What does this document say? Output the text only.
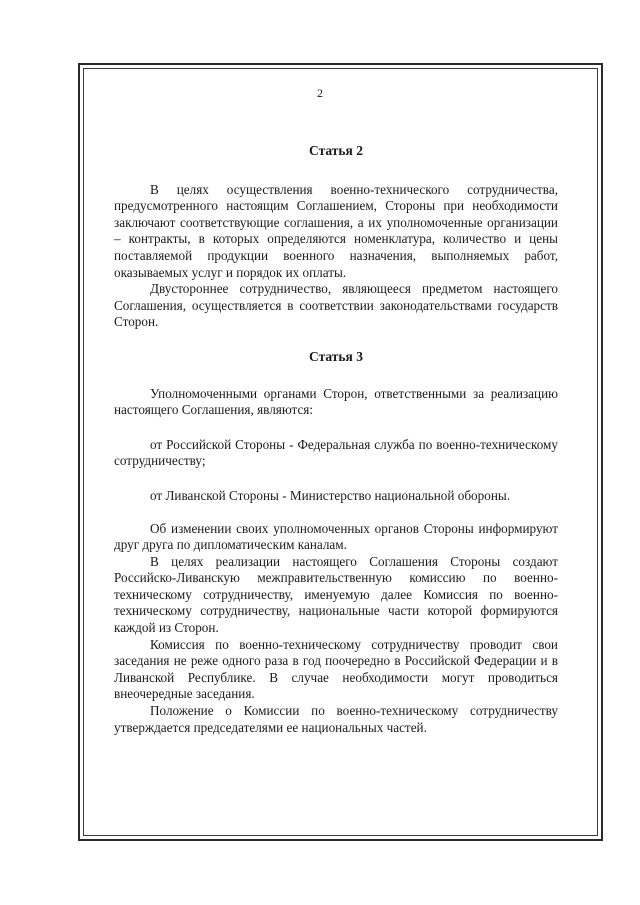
2

Статья 2

В целях осуществления военно-технического сотрудничества, предусмотренного настоящим Соглашением, Стороны при необходимости заключают соответствующие соглашения, а их уполномоченные организации – контракты, в которых определяются номенклатура, количество и цены поставляемой продукции военного назначения, выполняемых работ, оказываемых услуг и порядок их оплаты.

Двустороннее сотрудничество, являющееся предметом настоящего Соглашения, осуществляется в соответствии законодательствами государств Сторон.

Статья 3

Уполномоченными органами Сторон, ответственными за реализацию настоящего Соглашения, являются:

от Российской Стороны - Федеральная служба по военно-техническому сотрудничеству;

от Ливанской Стороны - Министерство национальной обороны.

Об изменении своих уполномоченных органов Стороны информируют друг друга по дипломатическим каналам.

В целях реализации настоящего Соглашения Стороны создают Российско-Ливанскую межправительственную комиссию по военно-техническому сотрудничеству, именуемую далее Комиссия по военно-техническому сотрудничеству, национальные части которой формируются каждой из Сторон.

Комиссия по военно-техническому сотрудничеству проводит свои заседания не реже одного раза в год поочередно в Российской Федерации и в Ливанской Республике. В случае необходимости могут проводиться внеочередные заседания.

Положение о Комиссии по военно-техническому сотрудничеству утверждается председателями ее национальных частей.
